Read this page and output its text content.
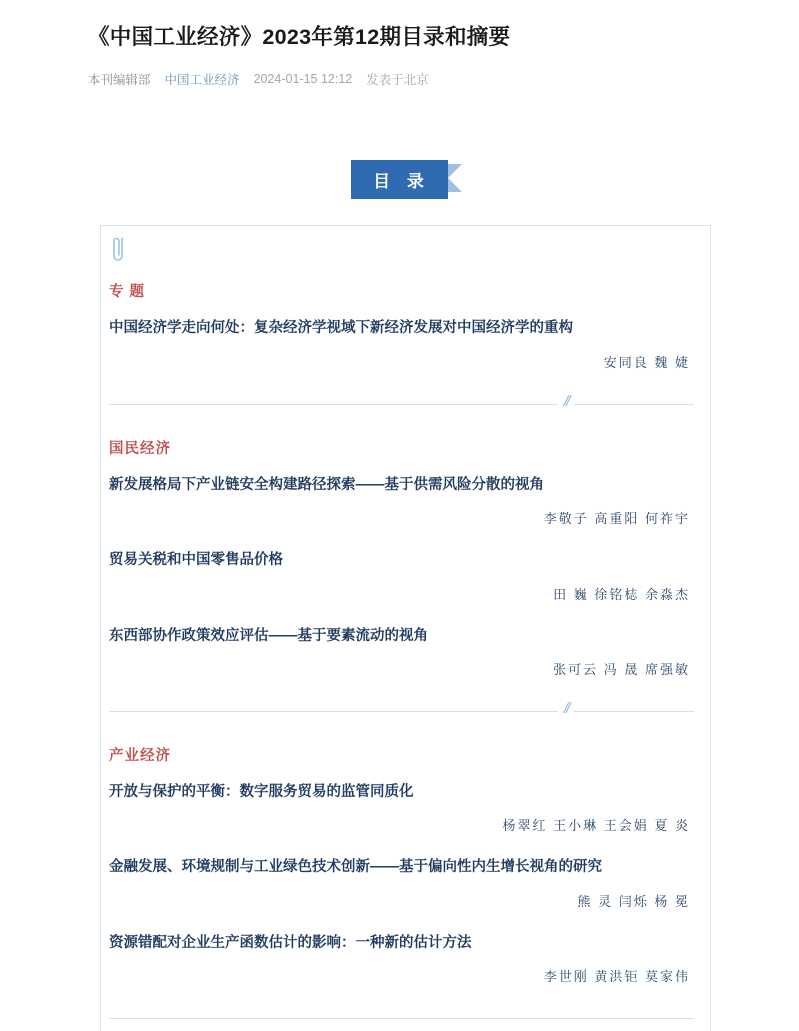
《中国工业经济》2023年第12期目录和摘要
本刊编辑部 中国工业经济 2024-01-15 12:12 发表于北京
目 录
专 题
中国经济学走向何处：复杂经济学视域下新经济发展对中国经济学的重构
安同良 魏 婕
//
国民经济
新发展格局下产业链安全构建路径探索——基于供需风险分散的视角
李敬子 高重阳 何祚宇
贸易关税和中国零售品价格
田 巍 徐铭梽 余淼杰
东西部协作政策效应评估——基于要素流动的视角
张可云 冯 晟 席强敏
//
产业经济
开放与保护的平衡：数字服务贸易的监管同质化
杨翠红 王小琳 王会娟 夏 炎
金融发展、环境规制与工业绿色技术创新——基于偏向性内生增长视角的研究
熊 灵 闫烁 杨 冕
资源错配对企业生产函数估计的影响：一种新的估计方法
李世刚 黄洪钜 莫家伟
